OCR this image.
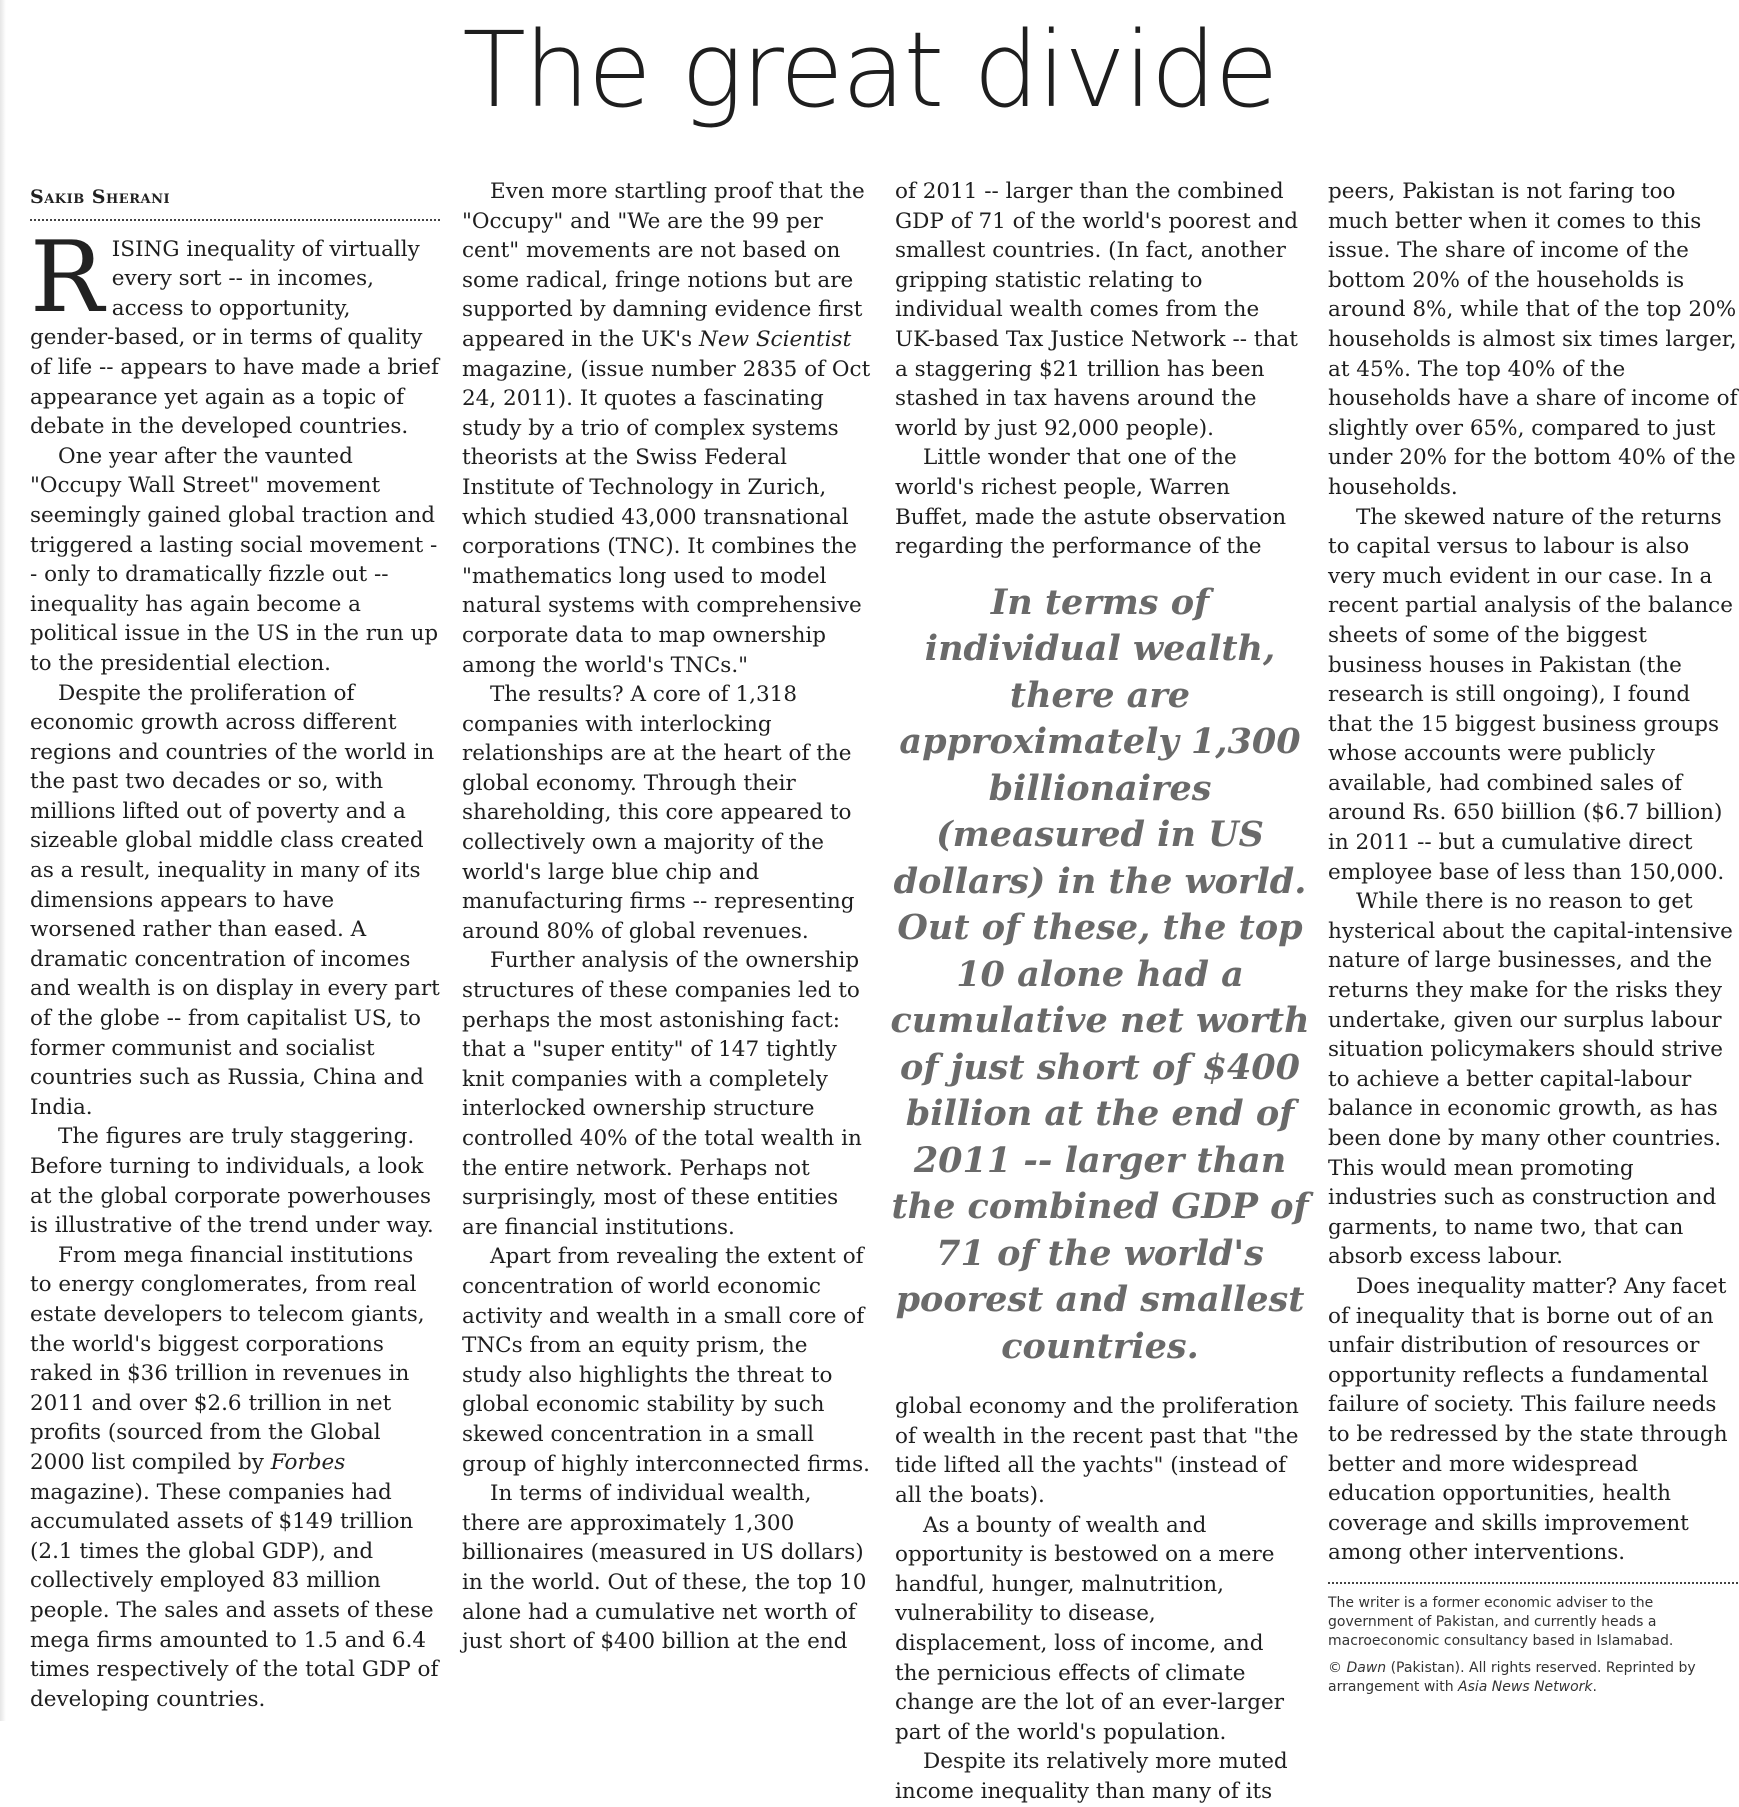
The great divide
Sakib Sherani

RISING inequality of virtually every sort -- in incomes, access to opportunity, gender-based, or in terms of quality of life -- appears to have made a brief appearance yet again as a topic of debate in the developed countries.

One year after the vaunted "Occupy Wall Street" movement seemingly gained global traction and triggered a lasting social movement -- only to dramatically fizzle out -- inequality has again become a political issue in the US in the run up to the presidential election.

Despite the proliferation of economic growth across different regions and countries of the world in the past two decades or so, with millions lifted out of poverty and a sizeable global middle class created as a result, inequality in many of its dimensions appears to have worsened rather than eased. A dramatic concentration of incomes and wealth is on display in every part of the globe -- from capitalist US, to former communist and socialist countries such as Russia, China and India.

The figures are truly staggering. Before turning to individuals, a look at the global corporate powerhouses is illustrative of the trend under way.

From mega financial institutions to energy conglomerates, from real estate developers to telecom giants, the world's biggest corporations raked in $36 trillion in revenues in 2011 and over $2.6 trillion in net profits (sourced from the Global 2000 list compiled by Forbes magazine). These companies had accumulated assets of $149 trillion (2.1 times the global GDP), and collectively employed 83 million people. The sales and assets of these mega firms amounted to 1.5 and 6.4 times respectively of the total GDP of developing countries.

Even more startling proof that the "Occupy" and "We are the 99 per cent" movements are not based on some radical, fringe notions but are supported by damning evidence first appeared in the UK's New Scientist magazine, (issue number 2835 of Oct 24, 2011). It quotes a fascinating study by a trio of complex systems theorists at the Swiss Federal Institute of Technology in Zurich, which studied 43,000 transnational corporations (TNC). It combines the "mathematics long used to model natural systems with comprehensive corporate data to map ownership among the world's TNCs."

The results? A core of 1,318 companies with interlocking relationships are at the heart of the global economy. Through their shareholding, this core appeared to collectively own a majority of the world's large blue chip and manufacturing firms -- representing around 80% of global revenues.

Further analysis of the ownership structures of these companies led to perhaps the most astonishing fact: that a "super entity" of 147 tightly knit companies with a completely interlocked ownership structure controlled 40% of the total wealth in the entire network. Perhaps not surprisingly, most of these entities are financial institutions.

Apart from revealing the extent of concentration of world economic activity and wealth in a small core of TNCs from an equity prism, the study also highlights the threat to global economic stability by such skewed concentration in a small group of highly interconnected firms.

In terms of individual wealth, there are approximately 1,300 billionaires (measured in US dollars) in the world. Out of these, the top 10 alone had a cumulative net worth of just short of $400 billion at the end

of 2011 -- larger than the combined GDP of 71 of the world's poorest and smallest countries. (In fact, another gripping statistic relating to individual wealth comes from the UK-based Tax Justice Network -- that a staggering $21 trillion has been stashed in tax havens around the world by just 92,000 people).

Little wonder that one of the world's richest people, Warren Buffet, made the astute observation regarding the performance of the

In terms of individual wealth, there are approximately 1,300 billionaires (measured in US dollars) in the world. Out of these, the top 10 alone had a cumulative net worth of just short of $400 billion at the end of 2011 -- larger than the combined GDP of 71 of the world's poorest and smallest countries.

global economy and the proliferation of wealth in the recent past that "the tide lifted all the yachts" (instead of all the boats).

As a bounty of wealth and opportunity is bestowed on a mere handful, hunger, malnutrition, vulnerability to disease, displacement, loss of income, and the pernicious effects of climate change are the lot of an ever-larger part of the world's population.

Despite its relatively more muted income inequality than many of its

peers, Pakistan is not faring too much better when it comes to this issue. The share of income of the bottom 20% of the households is around 8%, while that of the top 20% households is almost six times larger, at 45%. The top 40% of the households have a share of income of slightly over 65%, compared to just under 20% for the bottom 40% of the households.

The skewed nature of the returns to capital versus to labour is also very much evident in our case. In a recent partial analysis of the balance sheets of some of the biggest business houses in Pakistan (the research is still ongoing), I found that the 15 biggest business groups whose accounts were publicly available, had combined sales of around Rs. 650 biillion ($6.7 billion) in 2011 -- but a cumulative direct employee base of less than 150,000.

While there is no reason to get hysterical about the capital-intensive nature of large businesses, and the returns they make for the risks they undertake, given our surplus labour situation policymakers should strive to achieve a better capital-labour balance in economic growth, as has been done by many other countries. This would mean promoting industries such as construction and garments, to name two, that can absorb excess labour.

Does inequality matter? Any facet of inequality that is borne out of an unfair distribution of resources or opportunity reflects a fundamental failure of society. This failure needs to be redressed by the state through better and more widespread education opportunities, health coverage and skills improvement among other interventions.

The writer is a former economic adviser to the government of Pakistan, and currently heads a macroeconomic consultancy based in Islamabad.
© Dawn (Pakistan). All rights reserved. Reprinted by arrangement with Asia News Network.
